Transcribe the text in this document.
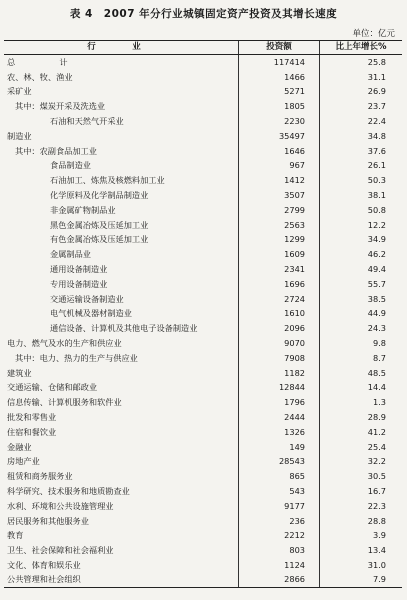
表 4　2007 年分行业城镇固定资产投资及其增长速度
单位：亿元
行　业	投资额	比上年增长%
总　计	117414	25.8
农、林、牧、渔业	1466	31.1
采矿业	5271	26.9
其中：煤炭开采及洗选业	1805	23.7
石油和天然气开采业	2230	22.4
制造业	35497	34.8
其中：农副食品加工业	1646	37.6
食品制造业	967	26.1
石油加工、炼焦及核燃料加工业	1412	50.3
化学原料及化学制品制造业	3507	38.1
非金属矿物制品业	2799	50.8
黑色金属冶炼及压延加工业	2563	12.2
有色金属冶炼及压延加工业	1299	34.9
金属制品业	1609	46.2
通用设备制造业	2341	49.4
专用设备制造业	1696	55.7
交通运输设备制造业	2724	38.5
电气机械及器材制造业	1610	44.9
通信设备、计算机及其他电子设备制造业	2096	24.3
电力、燃气及水的生产和供应业	9070	9.8
其中：电力、热力的生产与供应业	7908	8.7
建筑业	1182	48.5
交通运输、仓储和邮政业	12844	14.4
信息传输、计算机服务和软件业	1796	1.3
批发和零售业	2444	28.9
住宿和餐饮业	1326	41.2
金融业	149	25.4
房地产业	28543	32.2
租赁和商务服务业	865	30.5
科学研究、技术服务和地质勘查业	543	16.7
水利、环境和公共设施管理业	9177	22.3
居民服务和其他服务业	236	28.8
教育	2212	3.9
卫生、社会保障和社会福利业	803	13.4
文化、体育和娱乐业	1124	31.0
公共管理和社会组织	2866	7.9
